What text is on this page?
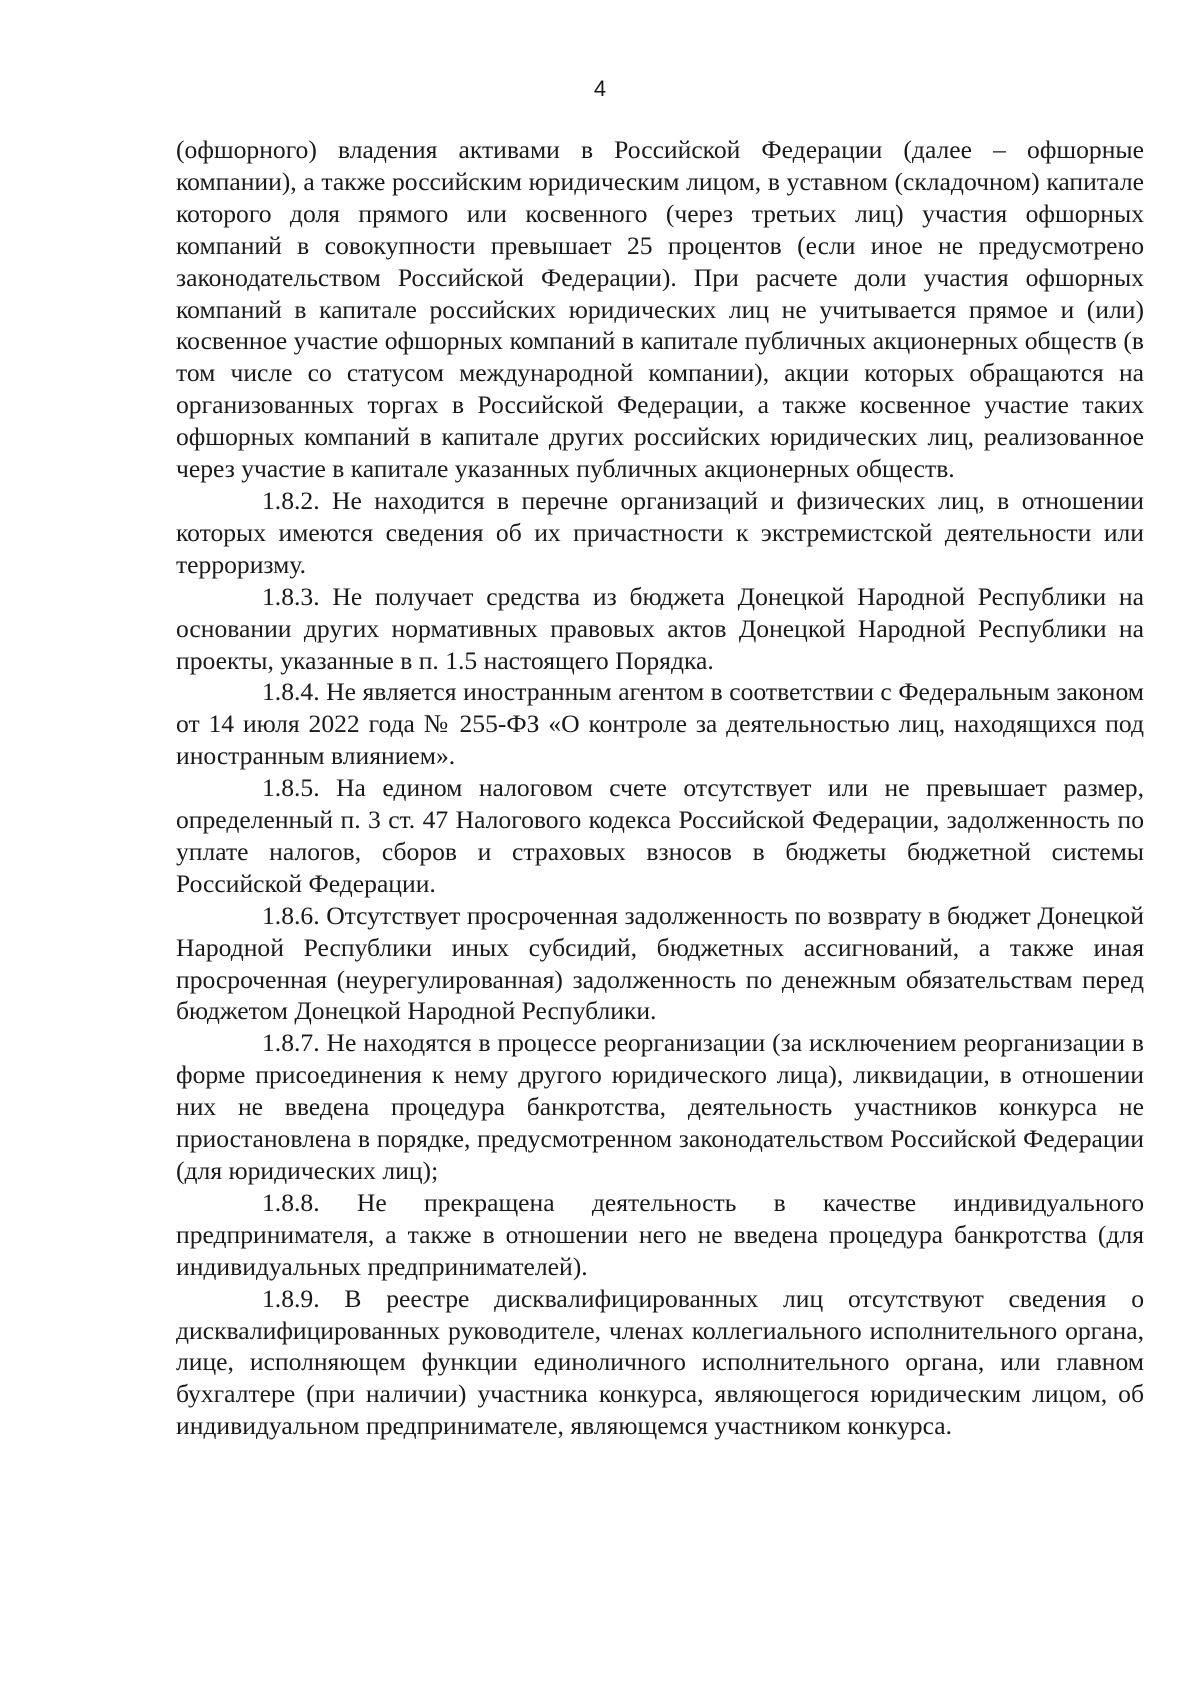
4

(офшорного) владения активами в Российской Федерации (далее – офшорные компании), а также российским юридическим лицом, в уставном (складочном) капитале которого доля прямого или косвенного (через третьих лиц) участия офшорных компаний в совокупности превышает 25 процентов (если иное не предусмотрено законодательством Российской Федерации). При расчете доли участия офшорных компаний в капитале российских юридических лиц не учитывается прямое и (или) косвенное участие офшорных компаний в капитале публичных акционерных обществ (в том числе со статусом международной компании), акции которых обращаются на организованных торгах в Российской Федерации, а также косвенное участие таких офшорных компаний в капитале других российских юридических лиц, реализованное через участие в капитале указанных публичных акционерных обществ.

1.8.2. Не находится в перечне организаций и физических лиц, в отношении которых имеются сведения об их причастности к экстремистской деятельности или терроризму.

1.8.3. Не получает средства из бюджета Донецкой Народной Республики на основании других нормативных правовых актов Донецкой Народной Республики на проекты, указанные в п. 1.5 настоящего Порядка.

1.8.4. Не является иностранным агентом в соответствии с Федеральным законом от 14 июля 2022 года № 255-ФЗ «О контроле за деятельностью лиц, находящихся под иностранным влиянием».

1.8.5. На едином налоговом счете отсутствует или не превышает размер, определенный п. 3 ст. 47 Налогового кодекса Российской Федерации, задолженность по уплате налогов, сборов и страховых взносов в бюджеты бюджетной системы Российской Федерации.

1.8.6. Отсутствует просроченная задолженность по возврату в бюджет Донецкой Народной Республики иных субсидий, бюджетных ассигнований, а также иная просроченная (неурегулированная) задолженность по денежным обязательствам перед бюджетом Донецкой Народной Республики.

1.8.7. Не находятся в процессе реорганизации (за исключением реорганизации в форме присоединения к нему другого юридического лица), ликвидации, в отношении них не введена процедура банкротства, деятельность участников конкурса не приостановлена в порядке, предусмотренном законодательством Российской Федерации (для юридических лиц);

1.8.8. Не прекращена деятельность в качестве индивидуального предпринимателя, а также в отношении него не введена процедура банкротства (для индивидуальных предпринимателей).

1.8.9. В реестре дисквалифицированных лиц отсутствуют сведения о дисквалифицированных руководителе, членах коллегиального исполнительного органа, лице, исполняющем функции единоличного исполнительного органа, или главном бухгалтере (при наличии) участника конкурса, являющегося юридическим лицом, об индивидуальном предпринимателе, являющемся участником конкурса.
